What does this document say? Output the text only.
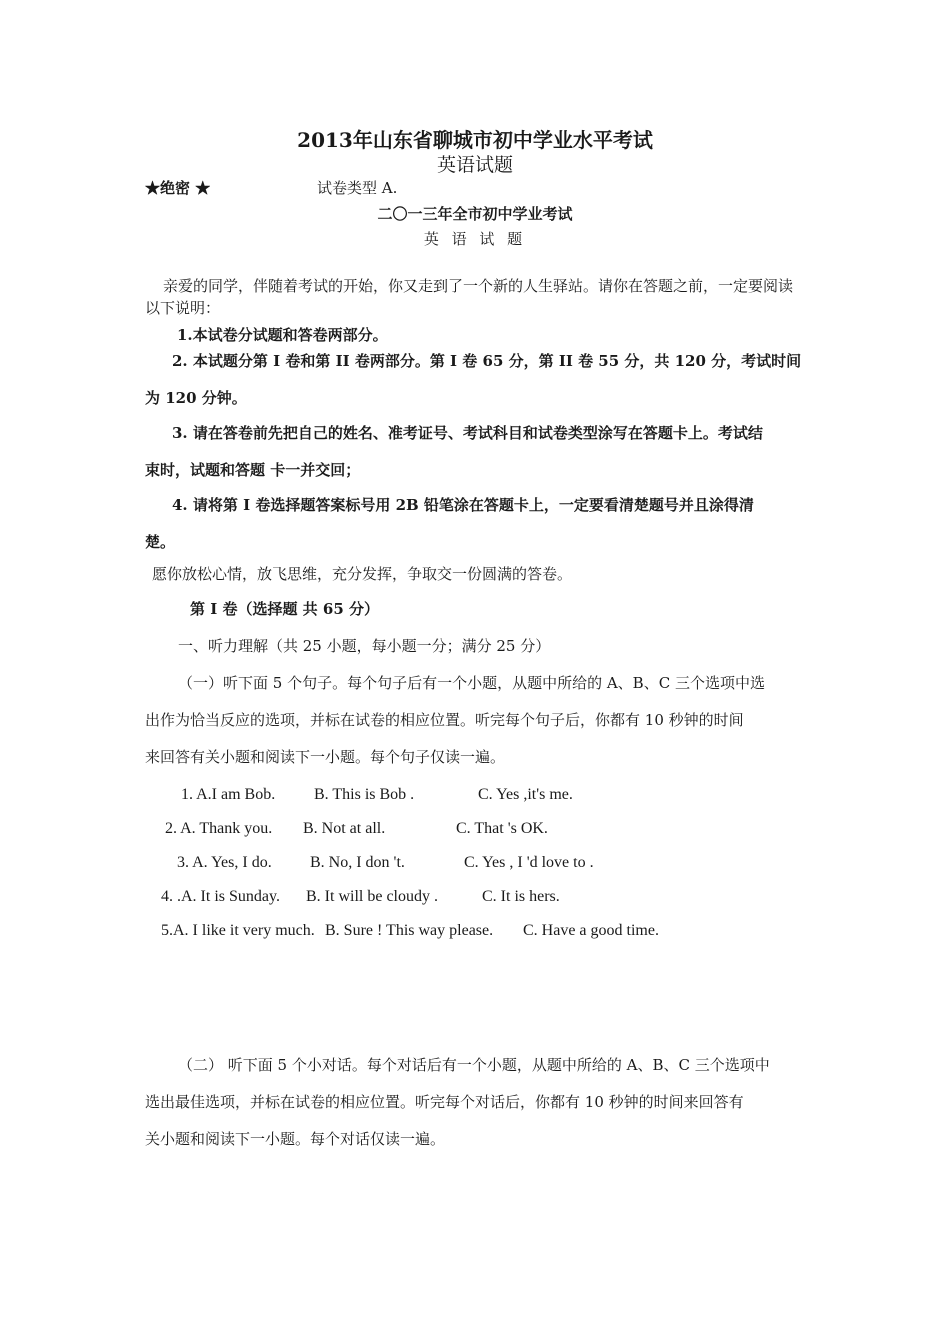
2013年山东省聊城市初中学业水平考试
英语试题
★绝密 ★	试卷类型 A.
二〇一三年全市初中学业考试
英 语 试 题
亲爱的同学，伴随着考试的开始，你又走到了一个新的人生驿站。请你在答题之前，一定要阅读以下说明：
1.本试卷分试题和答卷两部分。
2. 本试题分第 I 卷和第 II 卷两部分。第 I 卷 65 分，第 II 卷 55 分，共 120 分，考试时间
为 120 分钟。
3. 请在答卷前先把自己的姓名、准考证号、考试科目和试卷类型涂写在答题卡上。考试结
束时，试题和答题 卡一并交回；
4. 请将第 I 卷选择题答案标号用 2B 铅笔涂在答题卡上，一定要看清楚题号并且涂得清
楚。
愿你放松心情，放飞思维，充分发挥，争取交一份圆满的答卷。
第 I 卷（选择题 共 65 分）
一、听力理解（共 25 小题，每小题一分；满分 25 分）
（一）听下面 5 个句子。每个句子后有一个小题，从题中所给的 A、B、C 三个选项中选
出作为恰当反应的选项，并标在试卷的相应位置。听完每个句子后，你都有 10 秒钟的时间
来回答有关小题和阅读下一小题。每个句子仅读一遍。
1. A.I am Bob. B. This is Bob .	C. Yes ,it's me.
2. A. Thank you. B. Not at all.	C. That 's OK.
3. A. Yes, I do. B. No, I don 't.	C. Yes , I 'd love to .
4. .A. It is Sunday. B. It will be cloudy .	C. It is hers.
5.A. I like it very much. B. Sure ! This way please. C. Have a good time.
（二） 听下面 5 个小对话。每个对话后有一个小题，从题中所给的 A、B、C 三个选项中
选出最佳选项，并标在试卷的相应位置。听完每个对话后，你都有 10 秒钟的时间来回答有
关小题和阅读下一小题。每个对话仅读一遍。
